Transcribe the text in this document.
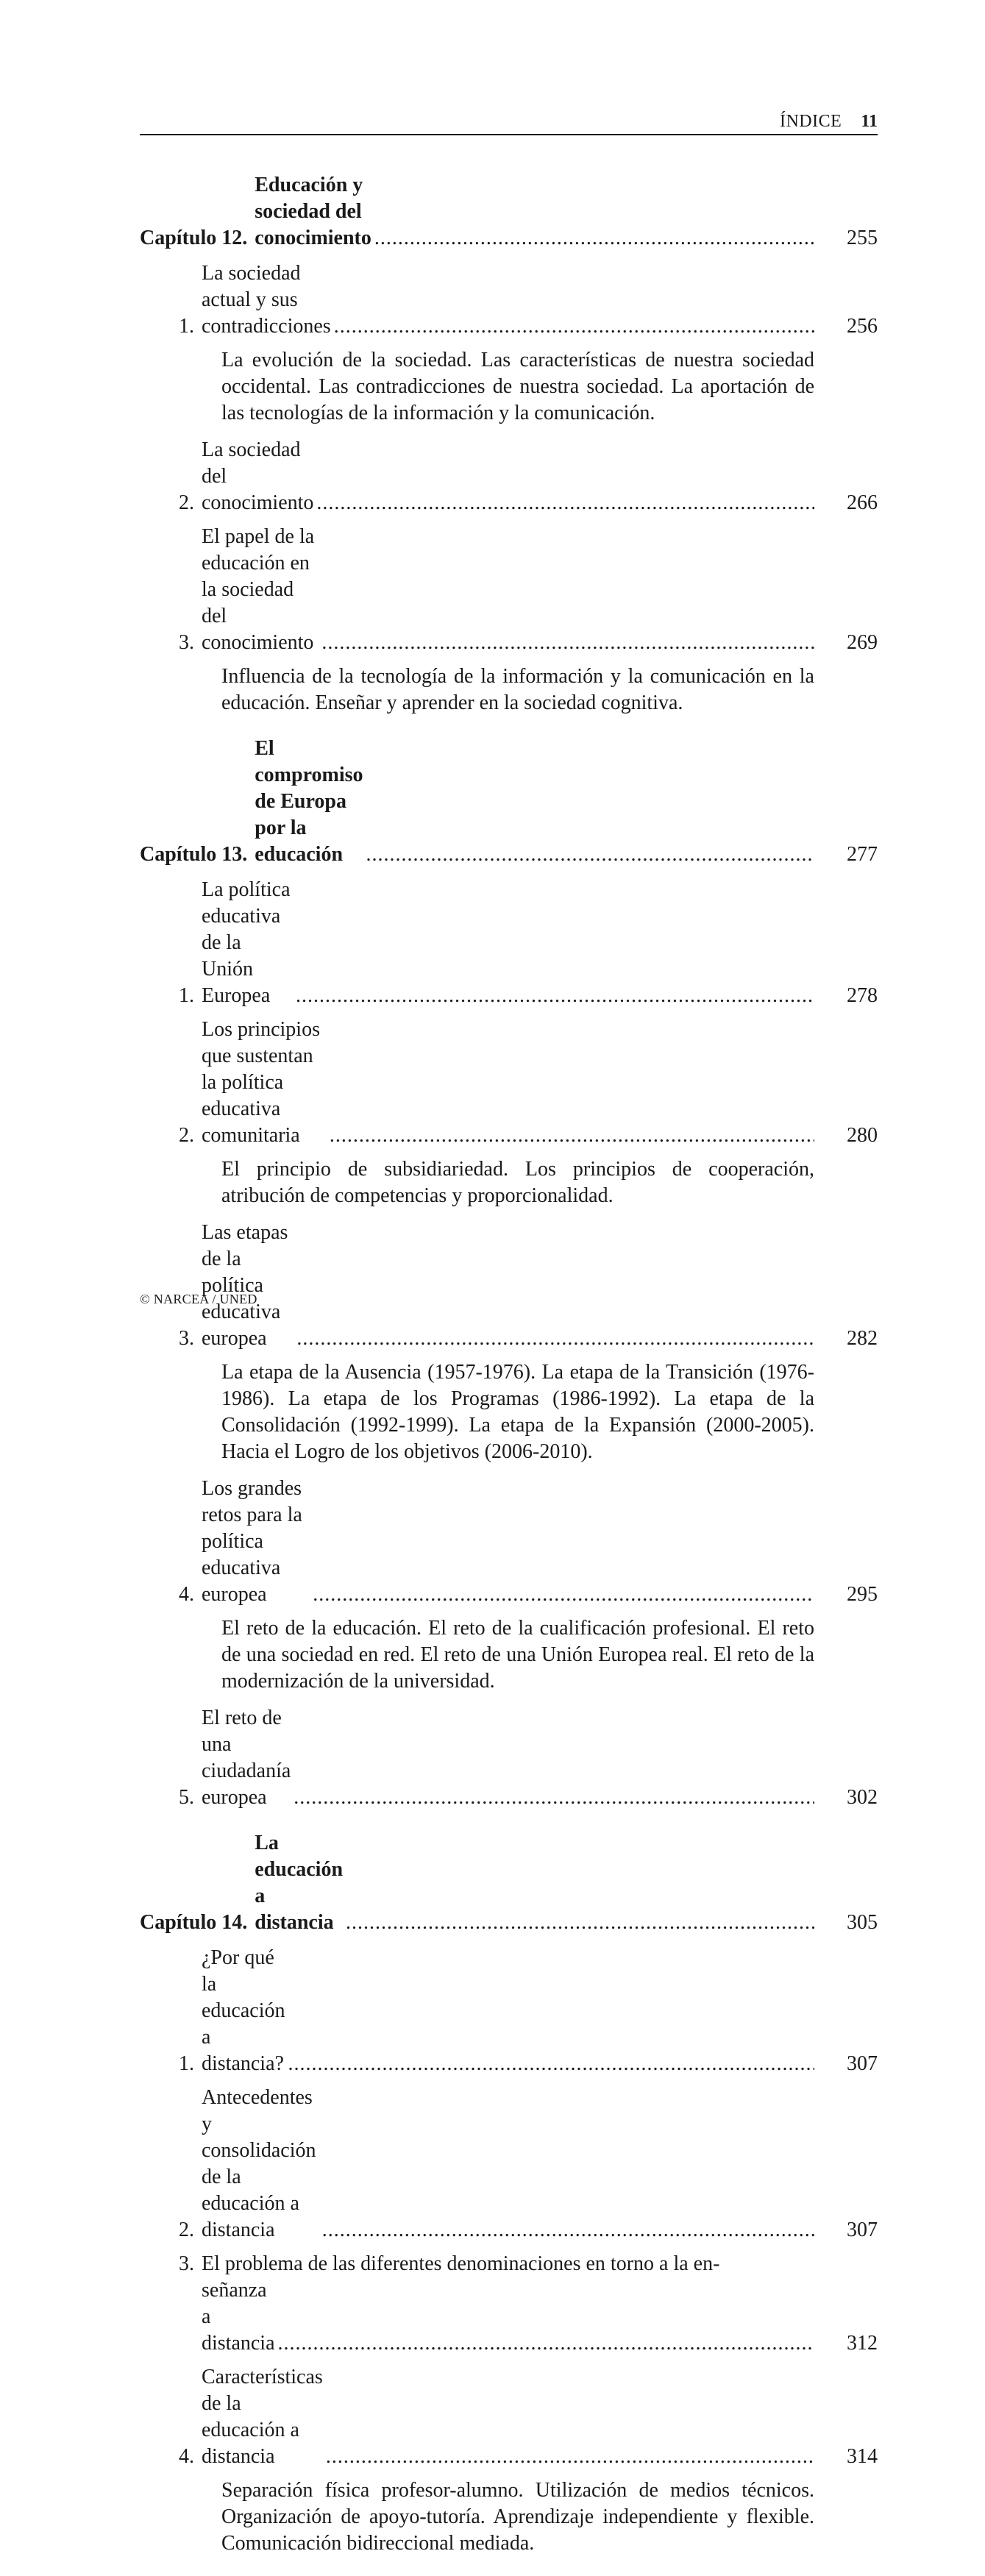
ÍNDICE 11
Capítulo 12.
Educación y sociedad del conocimiento .....	255
1.
La sociedad actual y sus contradicciones .....	256

La evolución de la sociedad. Las características de nuestra sociedad occidental. Las contradicciones de nuestra sociedad. La aportación de las tecnologías de la información y la comunicación.

2.
La sociedad del conocimiento .....	266
3.
El papel de la educación en la sociedad del conocimiento .....	269

Influencia de la tecnología de la información y la comunicación en la educación. Enseñar y aprender en la sociedad cognitiva.

Capítulo 13.
El compromiso de Europa por la educación .....	277
1.
La política educativa de la Unión Europea .....	278
2.
Los principios que sustentan la política educativa comunitaria .....	280

El principio de subsidiariedad. Los principios de cooperación, atribución de competencias y proporcionalidad.

3.
Las etapas de la política educativa europea .....	282

La etapa de la Ausencia (1957-1976). La etapa de la Transición (1976-1986). La etapa de los Programas (1986-1992). La etapa de la Consolidación (1992-1999). La etapa de la Expansión (2000-2005). Hacia el Logro de los objetivos (2006-2010).

4.
Los grandes retos para la política educativa europea .....	295

El reto de la educación. El reto de la cualificación profesional. El reto de una sociedad en red. El reto de una Unión Europea real. El reto de la modernización de la universidad.

5.
El reto de una ciudadanía europea .....	302
Capítulo 14.
La educación a distancia .....	305
1.
¿Por qué la educación a distancia? .....	307
2.
Antecedentes y consolidación de la educación a distancia .....	307
3. El problema de las diferentes denominaciones en torno a la en-
señanza a distancia .....	312
4.
Características de la educación a distancia .....	314

Separación física profesor-alumno. Utilización de medios técnicos. Organización de apoyo-tutoría. Aprendizaje independiente y flexible. Comunicación bidireccional mediada.

© NARCEA / UNED
